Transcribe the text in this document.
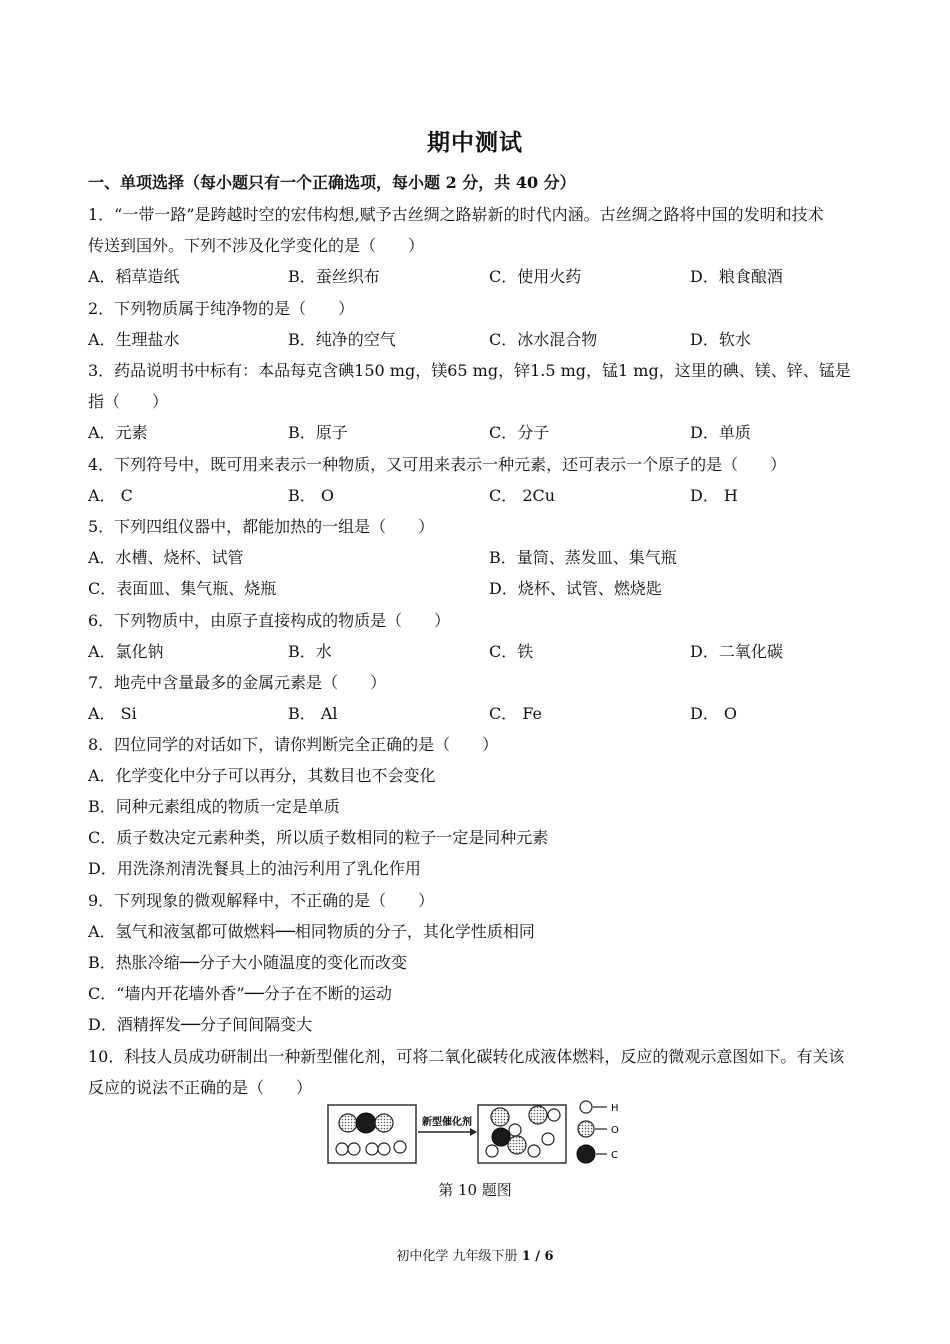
期中测试
一、单项选择（每小题只有一个正确选项，每小题 2 分，共 40 分）
1．“一带一路”是跨越时空的宏伟构想,赋予古丝绸之路崭新的时代内涵。古丝绸之路将中国的发明和技术
传送到国外。下列不涉及化学变化的是（　　）
A．稻草造纸	B．蚕丝织布	C．使用火药	D．粮食酿酒
2．下列物质属于纯净物的是（　　）
A．生理盐水	B．纯净的空气	C．冰水混合物	D．软水
3．药品说明书中标有：本品每克含碘150 mg，镁65 mg，锌1.5 mg，锰1 mg，这里的碘、镁、锌、锰是
指（　　）
A．元素	B．原子	C．分子	D．单质
4．下列符号中，既可用来表示一种物质，又可用来表示一种元素，还可表示一个原子的是（　　）
A． C	B． O	C． 2Cu	D． H
5．下列四组仪器中，都能加热的一组是（　　）
A．水槽、烧杯、试管	B．量筒、蒸发皿、集气瓶
C．表面皿、集气瓶、烧瓶	D．烧杯、试管、燃烧匙
6．下列物质中，由原子直接构成的物质是（　　）
A．氯化钠	B．水	C．铁	D．二氧化碳
7．地壳中含量最多的金属元素是（　　）
A． Si	B． Al	C． Fe	D． O
8．四位同学的对话如下，请你判断完全正确的是（　　）
A．化学变化中分子可以再分，其数目也不会变化
B．同种元素组成的物质一定是单质
C．质子数决定元素种类，所以质子数相同的粒子一定是同种元素
D．用洗涤剂清洗餐具上的油污利用了乳化作用
9．下列现象的微观解释中，不正确的是（　　）
A．氢气和液氢都可做燃料──相同物质的分子，其化学性质相同
B．热胀冷缩──分子大小随温度的变化而改变
C．“墙内开花墙外香”──分子在不断的运动
D．酒精挥发──分子间间隔变大
10．科技人员成功研制出一种新型催化剂，可将二氧化碳转化成液体燃料，反应的微观示意图如下。有关该
反应的说法不正确的是（　　）
新型催化剂
H
O
C
第 10 题图
初中化学 九年级下册 1 / 6
